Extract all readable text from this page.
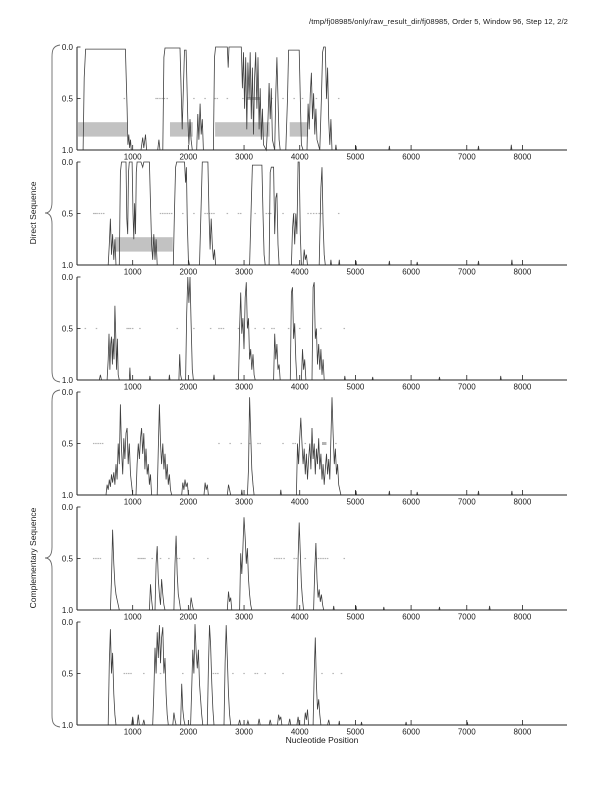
/tmp/fj08985/only/raw_result_dir/fj08985, Order 5, Window 96, Step 12, 2/2
Direct Sequence
Complementary Sequence
1000	2000	3000	4000	5000	6000	7000	8000
1.0
0.5
0.0
1000	2000	3000	4000	5000	6000	7000	8000
1.0
0.5
0.0
1000	2000	3000	4000	5000	6000	7000	8000
1.0
0.5
0.0
1000	2000	3000	4000	5000	6000	7000	8000
1.0
0.5
0.0
1000	2000	3000	4000	5000	6000	7000	8000
1.0
0.5
0.0
1000	2000	3000	4000	5000	6000	7000	8000
1.0
0.5
0.0
Nucleotide Position
